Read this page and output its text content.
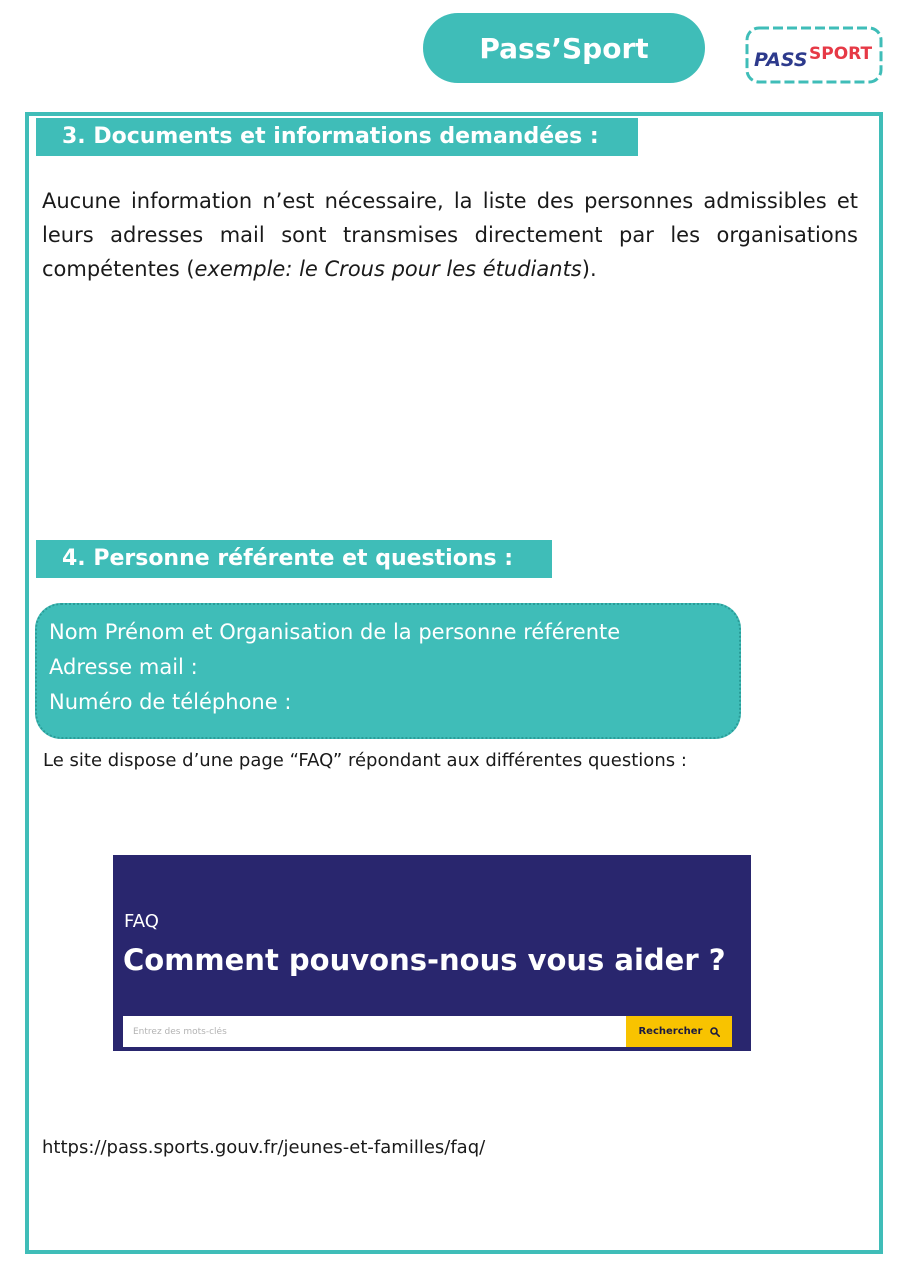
Pass’Sport	PASS SPORT
3. Documents et informations demandées :
Aucune information n’est nécessaire, la liste des personnes admissibles et leurs adresses mail sont transmises directement par les organisations compétentes (exemple: le Crous pour les étudiants).
4. Personne référente et questions :
Nom Prénom et Organisation de la personne référente
Adresse mail :
Numéro de téléphone :
Le site dispose d’une page “FAQ” répondant aux différentes questions :
FAQ
Comment pouvons-nous vous aider ?
Entrez des mots-clés
Rechercher
https://pass.sports.gouv.fr/jeunes-et-familles/faq/
